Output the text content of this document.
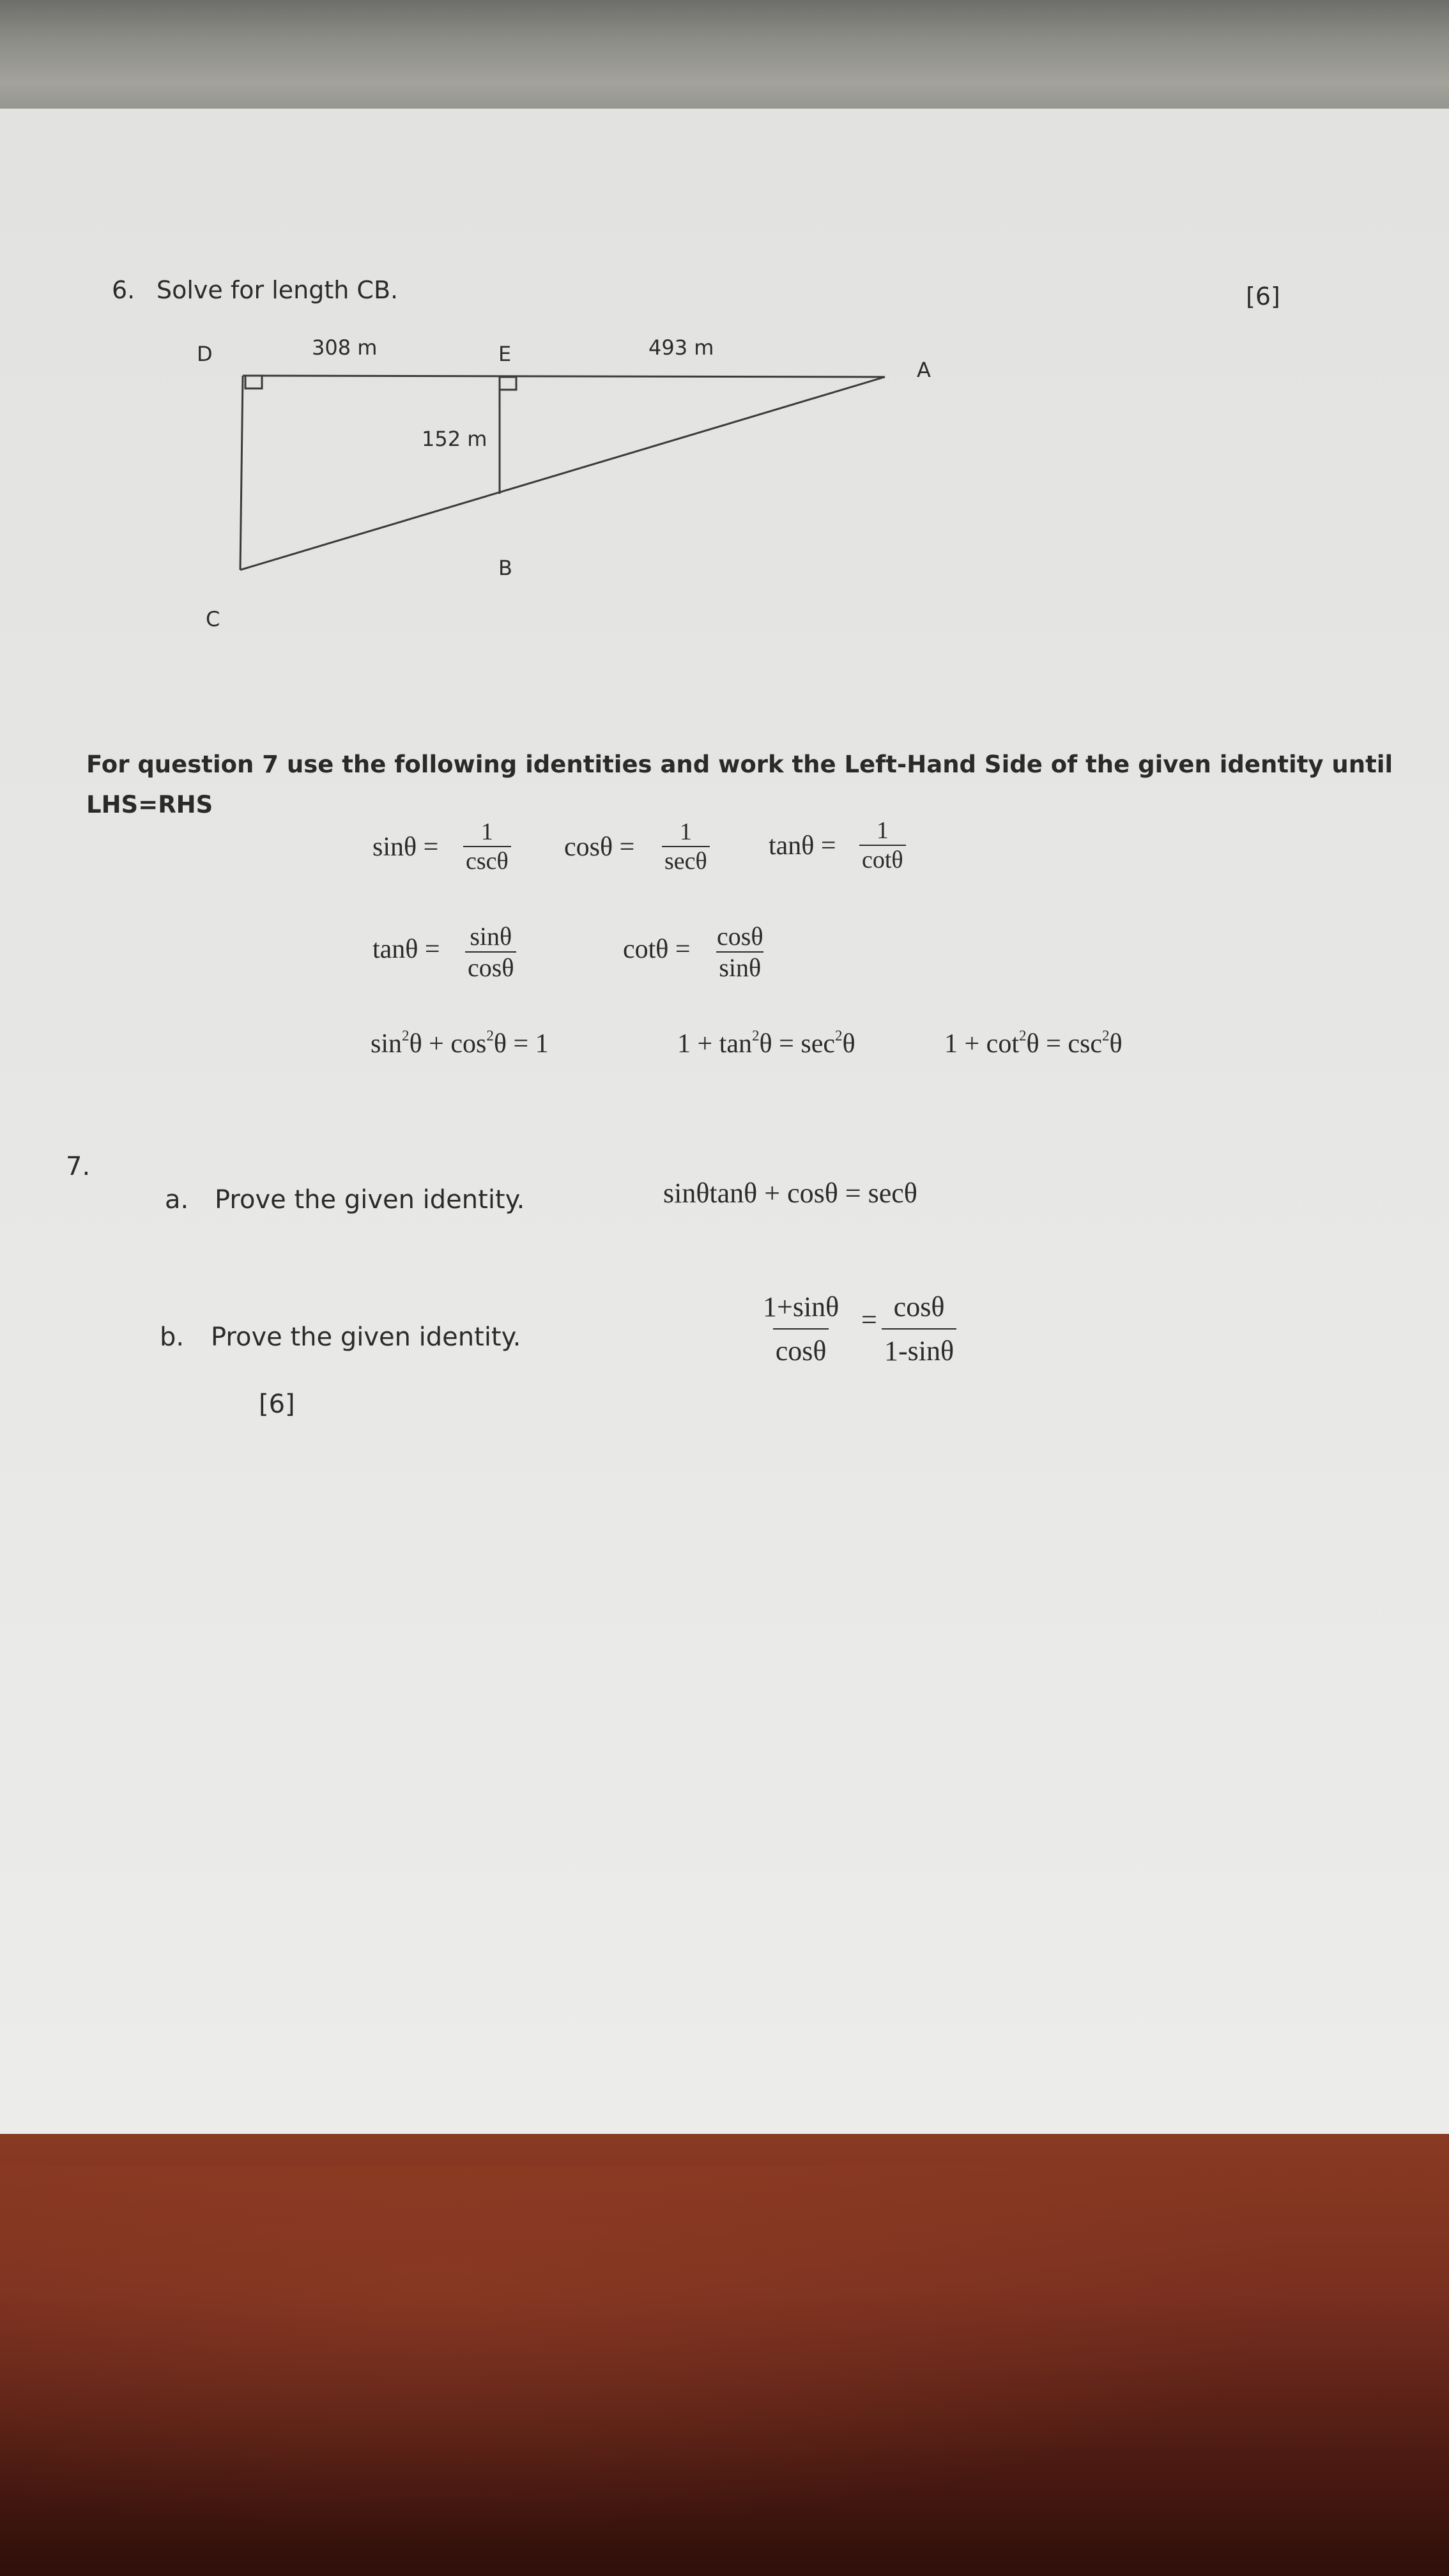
6. Solve for length CB.	[6]
D	308 m	E	493 m
A
152 m
B
C
For question 7 use the following identities and work the Left-Hand Side of the given identity until
LHS=RHS
sinθ =
1
cscθ cosθ =
1
secθ
$\tan\theta = \frac{1}{\cot\theta}$
$\tan\theta = \frac{\sin\theta}{\cos\theta}$	$\cot\theta = \frac{\cos\theta}{\sin\theta}$
$\sin^2\theta + \cos^2\theta = 1$	$1 + \tan^2\theta = \sec^2\theta$	$1 + \cot^2\theta = \csc^2\theta$
7.
a. Prove the given identity.	sinθtanθ + cosθ = secθ
b. Prove the given identity.	$\frac{1+\sin\theta}{\cos\theta} = \frac{\cos\theta}{1-\sin\theta}$
[6]
